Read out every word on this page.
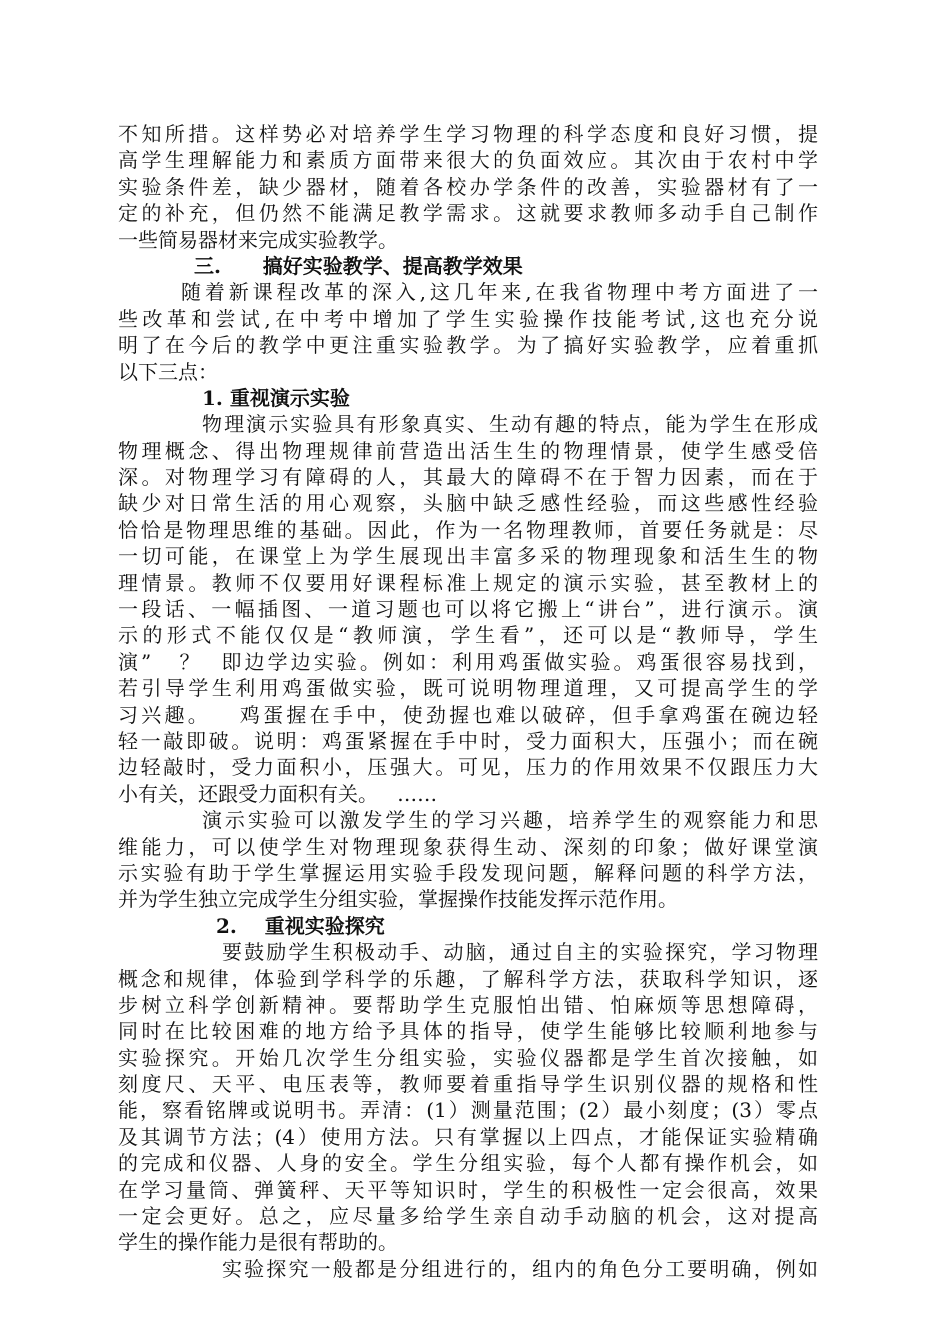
不知所措。这样势必对培养学生学习物理的科学态度和良好习惯，提
高学生理解能力和素质方面带来很大的负面效应。其次由于农村中学
实验条件差，缺少器材，随着各校办学条件的改善，实验器材有了一
定的补充，但仍然不能满足教学需求。这就要求教师多动手自己制作
一些简易器材来完成实验教学。
三.      搞好实验教学、提高教学效果
随着新课程改革的深入,这几年来,在我省物理中考方面进了一
些改革和尝试,在中考中增加了学生实验操作技能考试,这也充分说
明了在今后的教学中更注重实验教学。为了搞好实验教学，应着重抓
以下三点：
1. 重视演示实验
物理演示实验具有形象真实、生动有趣的特点，能为学生在形成
物理概念、得出物理规律前营造出活生生的物理情景，使学生感受倍
深。对物理学习有障碍的人，其最大的障碍不在于智力因素，而在于
缺少对日常生活的用心观察，头脑中缺乏感性经验，而这些感性经验
恰恰是物理思维的基础。因此，作为一名物理教师，首要任务就是：尽
一切可能，在课堂上为学生展现出丰富多采的物理现象和活生生的物
理情景。教师不仅要用好课程标准上规定的演示实验，甚至教材上的
一段话、一幅插图、一道习题也可以将它搬上“讲台”，进行演示。演
示的形式不能仅仅是“教师演，学生看”，还可以是“教师导，学生
演”   ？  即边学边实验。例如：利用鸡蛋做实验。鸡蛋很容易找到，
若引导学生利用鸡蛋做实验，既可说明物理道理，又可提高学生的学
习兴趣。   鸡蛋握在手中，使劲握也难以破碎，但手拿鸡蛋在碗边轻
轻一敲即破。说明：鸡蛋紧握在手中时，受力面积大，压强小；而在碗
边轻敲时，受力面积小，压强大。可见，压力的作用效果不仅跟压力大
小有关，还跟受力面积有关。   ……
演示实验可以激发学生的学习兴趣，培养学生的观察能力和思
维能力，可以使学生对物理现象获得生动、深刻的印象；做好课堂演
示实验有助于学生掌握运用实验手段发现问题，解释问题的科学方法，
并为学生独立完成学生分组实验，掌握操作技能发挥示范作用。
2.    重视实验探究
要鼓励学生积极动手、动脑，通过自主的实验探究，学习物理
概念和规律，体验到学科学的乐趣，了解科学方法，获取科学知识，逐
步树立科学创新精神。要帮助学生克服怕出错、怕麻烦等思想障碍，
同时在比较困难的地方给予具体的指导，使学生能够比较顺利地参与
实验探究。开始几次学生分组实验，实验仪器都是学生首次接触，如
刻度尺、天平、电压表等，教师要着重指导学生识别仪器的规格和性
能，察看铭牌或说明书。弄清：(1）测量范围；(2）最小刻度；(3）零点
及其调节方法；(4）使用方法。只有掌握以上四点，才能保证实验精确
的完成和仪器、人身的安全。学生分组实验，每个人都有操作机会，如
在学习量筒、弹簧秤、天平等知识时，学生的积极性一定会很高，效果
一定会更好。总之，应尽量多给学生亲自动手动脑的机会，这对提高
学生的操作能力是很有帮助的。
实验探究一般都是分组进行的，组内的角色分工要明确，例如
